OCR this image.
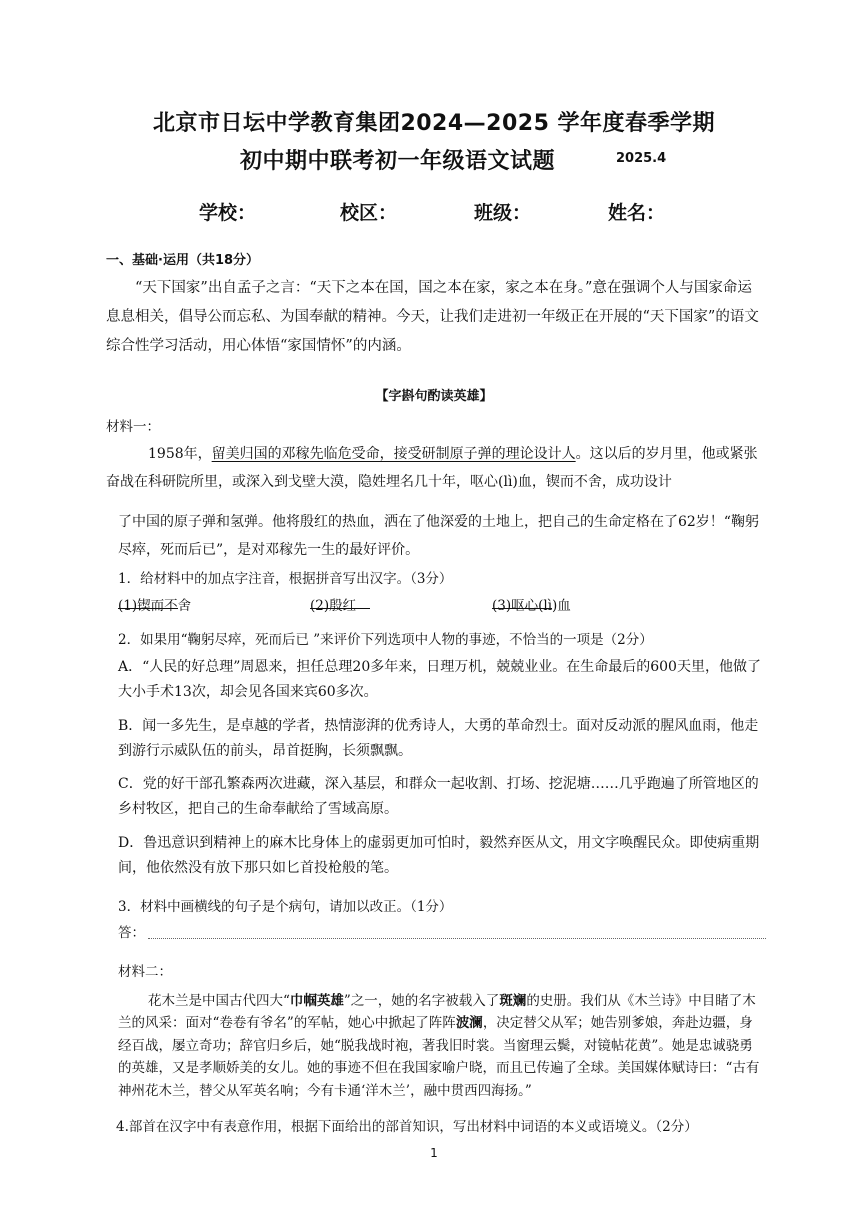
北京市日坛中学教育集团2024—2025 学年度春季学期
初中期中联考初一年级语文试题	2025.4
学校：	校区：	班级：	姓名：
一、基础·运用（共18分）
“天下国家”出自孟子之言：“天下之本在国，国之本在家，家之本在身。”意在强调个人与国家命运息息相关，倡导公而忘私、为国奉献的精神。今天，让我们走进初一年级正在开展的“天下国家”的语文综合性学习活动，用心体悟“家国情怀”的内涵。
【字斟句酌读英雄】
材料一：
1958年，留美归国的邓稼先临危受命，接受研制原子弹的理论设计人。这以后的岁月里，他或紧张奋战在科研院所里，或深入到戈壁大漠，隐姓埋名几十年，呕心(lì)血，锲而不舍，成功设计
了中国的原子弹和氢弹。他将殷红的热血，洒在了他深爱的土地上，把自己的生命定格在了62岁！“鞠躬尽瘁，死而后已”，是对邓稼先一生的最好评价。
1．给材料中的加点字注音，根据拼音写出汉字。（3分）
(1)锲而不舍	(2)殷红	(3)呕心(lì)血
2．如果用“鞠躬尽瘁，死而后已 ”来评价下列选项中人物的事迹，不恰当的一项是（2分）
A．“人民的好总理”周恩来，担任总理20多年来，日理万机，兢兢业业。在生命最后的600天里，他做了大小手术13次，却会见各国来宾60多次。
B．闻一多先生，是卓越的学者，热情澎湃的优秀诗人，大勇的革命烈士。面对反动派的腥风血雨，他走到游行示威队伍的前头，昂首挺胸，长须飘飘。
C．党的好干部孔繁森两次进藏，深入基层，和群众一起收割、打场、挖泥塘……几乎跑遍了所管地区的乡村牧区，把自己的生命奉献给了雪域高原。
D．鲁迅意识到精神上的麻木比身体上的虚弱更加可怕时，毅然弃医从文，用文字唤醒民众。即使病重期间，他依然没有放下那只如匕首投枪般的笔。
3．材料中画横线的句子是个病句，请加以改正。（1分）
答：
材料二：
花木兰是中国古代四大“巾帼英雄”之一，她的名字被载入了斑斓的史册。我们从《木兰诗》中目睹了木兰的风采：面对“卷卷有爷名”的军帖，她心中掀起了阵阵波澜，决定替父从军；她告别爹娘，奔赴边疆，身经百战，屡立奇功；辞官归乡后，她“脱我战时袍，著我旧时裳。当窗理云鬓，对镜帖花黄”。她是忠诚骁勇的英雄，又是孝顺娇美的女儿。她的事迹不但在我国家喻户晓，而且已传遍了全球。美国媒体赋诗曰：“古有神州花木兰，替父从军英名响；今有卡通‘洋木兰’，融中贯西四海扬。”
4.部首在汉字中有表意作用，根据下面给出的部首知识，写出材料中词语的本义或语境义。（2分）
1
